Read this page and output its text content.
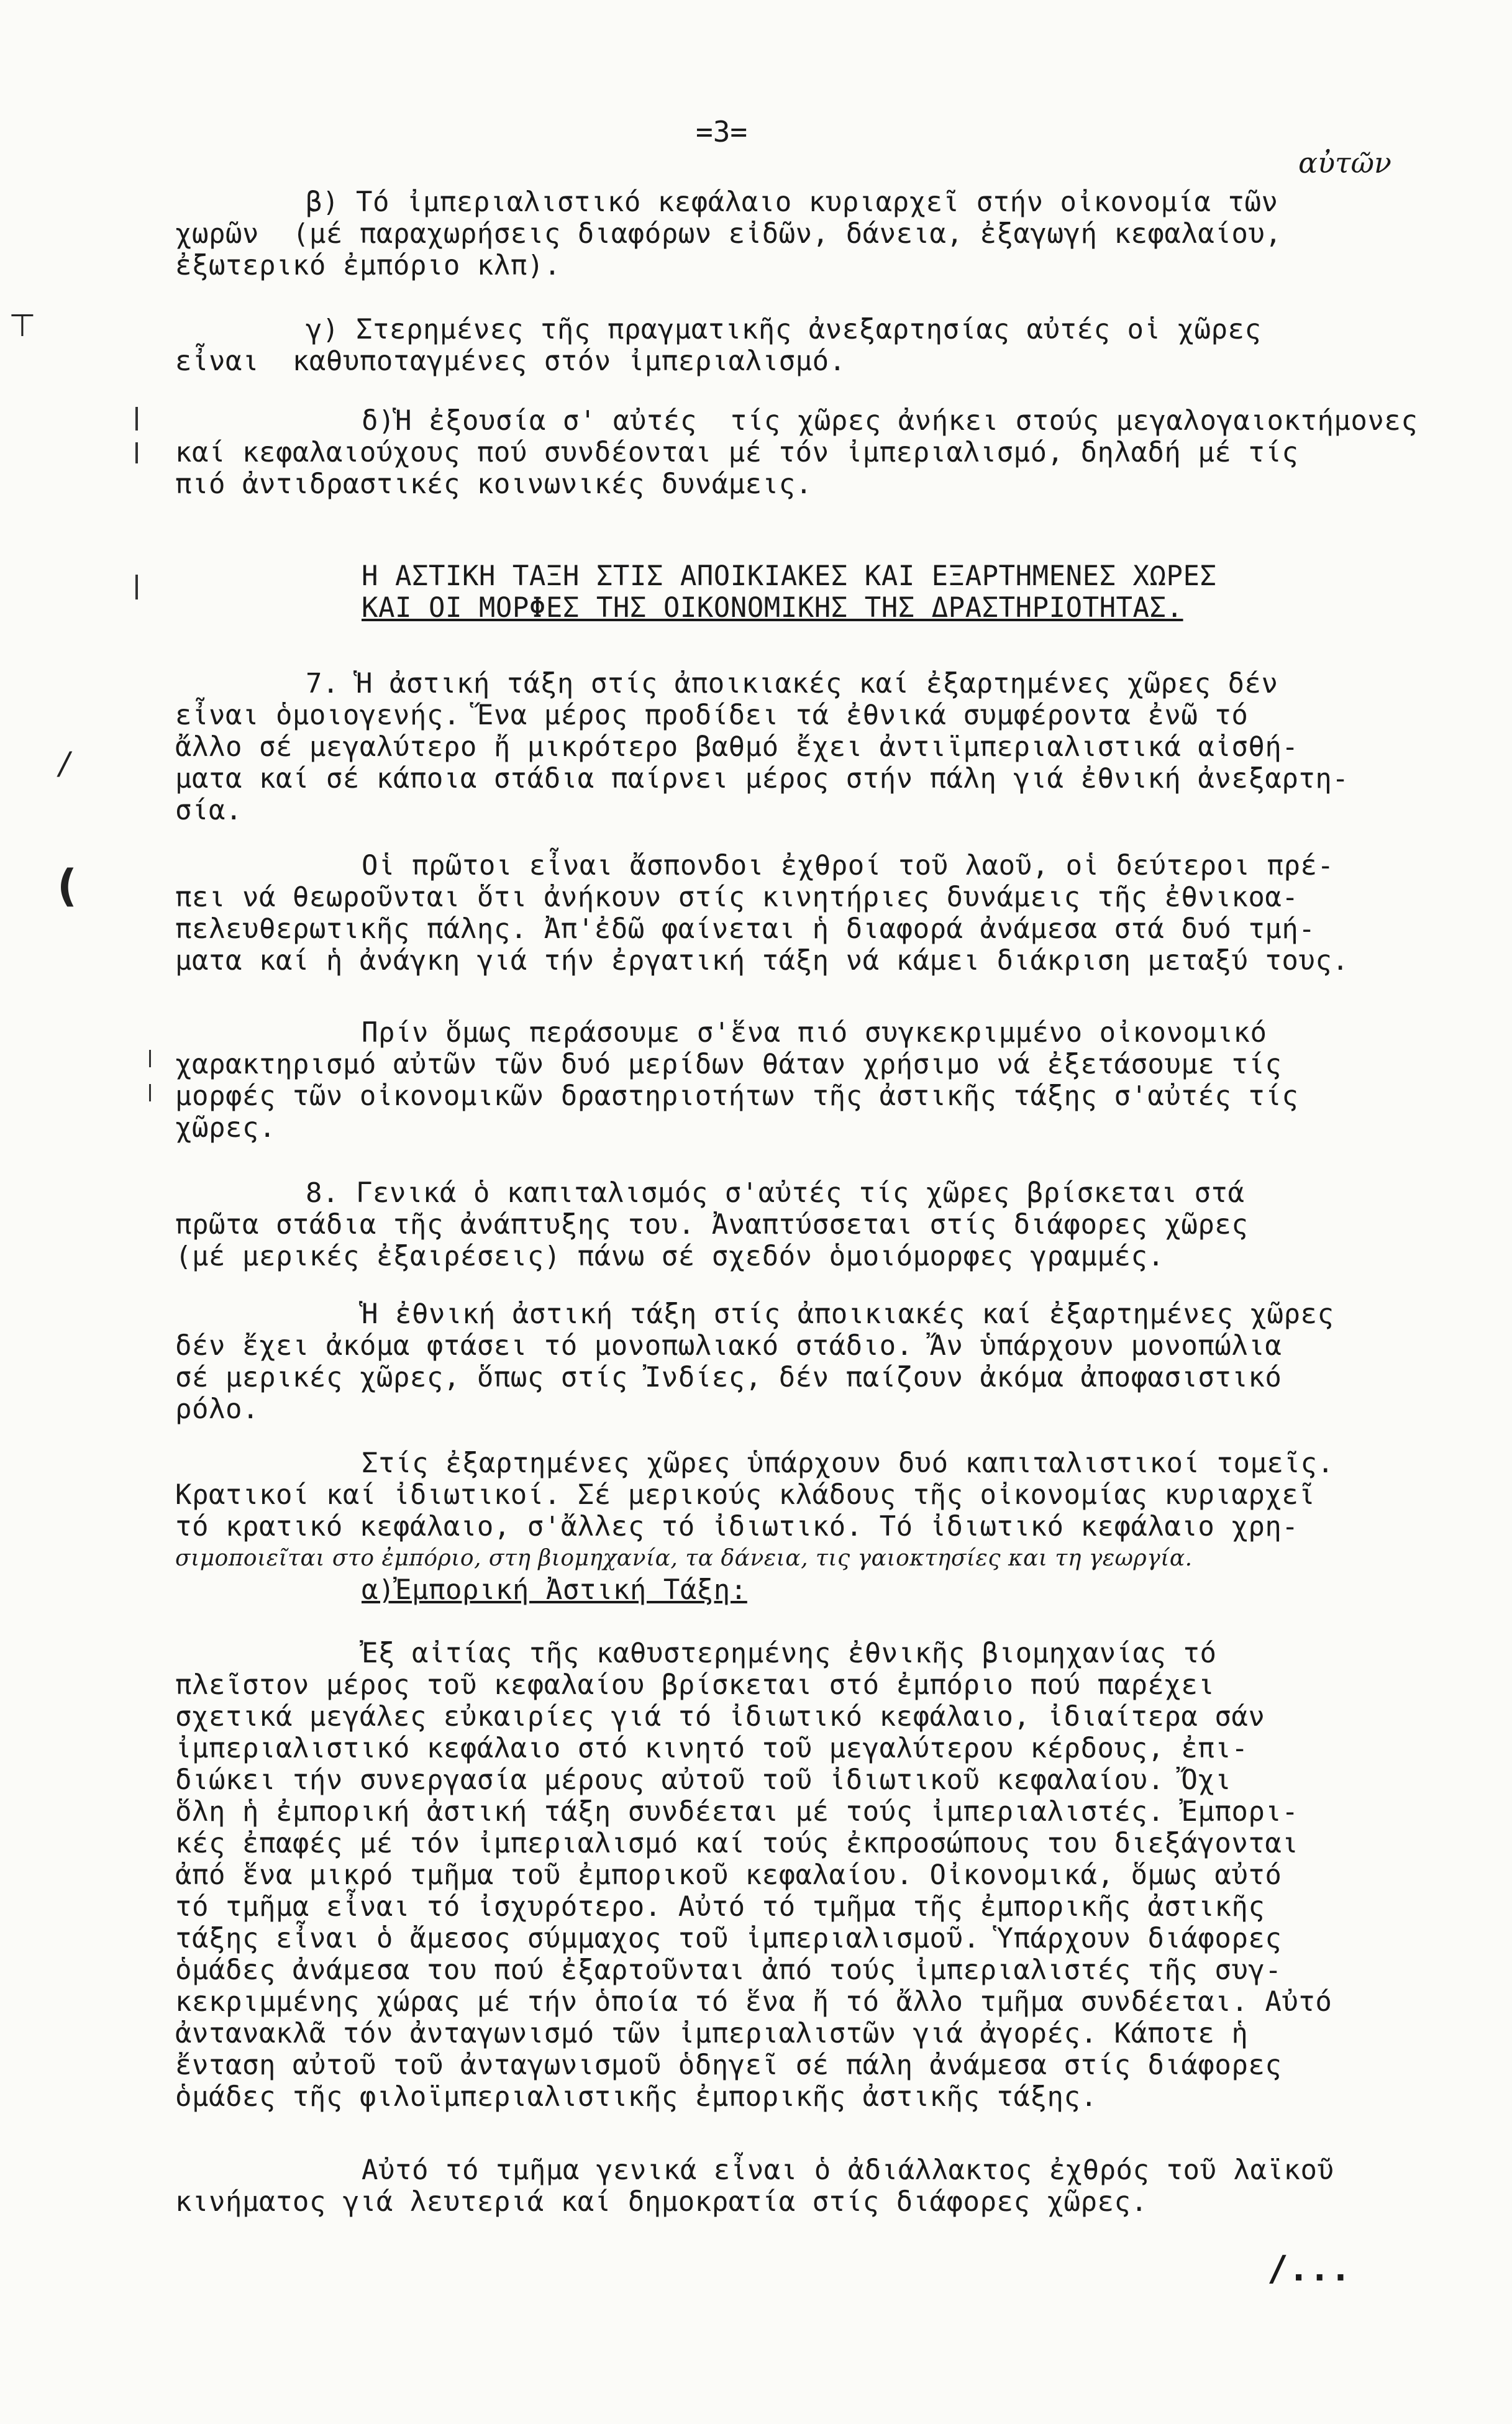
=3=
αὐτῶν
⊤
/
(
β) Τό ἰμπεριαλιστικό κεφάλαιο κυριαρχεῖ στήν οἰκονομία τῶν
χωρῶν  (μέ παραχωρήσεις διαφόρων εἰδῶν, δάνεια, ἐξαγωγή κεφαλαίου,
ἐξωτερικό ἐμπόριο κλπ).
γ) Στερημένες τῆς πραγματικῆς ἀνεξαρτησίας αὐτές οἱ χῶρες
εἶναι  καθυποταγμένες στόν ἰμπεριαλισμό.
δ)Ἡ ἐξουσία σ' αὐτές  τίς χῶρες ἀνήκει στούς μεγαλογαιοκτήμονες
καί κεφαλαιούχους πού συνδέονται μέ τόν ἰμπεριαλισμό, δηλαδή μέ τίς
πιό ἀντιδραστικές κοινωνικές δυνάμεις.
Η ΑΣΤΙΚΗ ΤΑΞΗ ΣΤΙΣ ΑΠΟΙΚΙΑΚΕΣ ΚΑΙ ΕΞΑΡΤΗΜΕΝΕΣ ΧΩΡΕΣ
ΚΑΙ ΟΙ ΜΟΡΦΕΣ ΤΗΣ ΟΙΚΟΝΟΜΙΚΗΣ ΤΗΣ ΔΡΑΣΤΗΡΙΟΤΗΤΑΣ.
7. Ἡ ἀστική τάξη στίς ἀποικιακές καί ἐξαρτημένες χῶρες δέν
εἶναι ὁμοιογενής. Ἕνα μέρος προδίδει τά ἐθνικά συμφέροντα ἐνῶ τό
ἄλλο σέ μεγαλύτερο ἤ μικρότερο βαθμό ἔχει ἀντιϊμπεριαλιστικά αἰσθή-
ματα καί σέ κάποια στάδια παίρνει μέρος στήν πάλη γιά ἐθνική ἀνεξαρτη-
σία.
Οἱ πρῶτοι εἶναι ἄσπονδοι ἐχθροί τοῦ λαοῦ, οἱ δεύτεροι πρέ-
πει νά θεωροῦνται ὅτι ἀνήκουν στίς κινητήριες δυνάμεις τῆς ἐθνικοα-
πελευθερωτικῆς πάλης. Ἀπ'ἐδῶ φαίνεται ἡ διαφορά ἀνάμεσα στά δυό τμή-
ματα καί ἡ ἀνάγκη γιά τήν ἐργατική τάξη νά κάμει διάκριση μεταξύ τους.
Πρίν ὅμως περάσουμε σ'ἕνα πιό συγκεκριμμένο οἰκονομικό
χαρακτηρισμό αὐτῶν τῶν δυό μερίδων θάταν χρήσιμο νά ἐξετάσουμε τίς
μορφές τῶν οἰκονομικῶν δραστηριοτήτων τῆς ἀστικῆς τάξης σ'αὐτές τίς
χῶρες.
8. Γενικά ὁ καπιταλισμός σ'αὐτές τίς χῶρες βρίσκεται στά
πρῶτα στάδια τῆς ἀνάπτυξης του. Ἀναπτύσσεται στίς διάφορες χῶρες
(μέ μερικές ἐξαιρέσεις) πάνω σέ σχεδόν ὁμοιόμορφες γραμμές.
Ἡ ἐθνική ἀστική τάξη στίς ἀποικιακές καί ἐξαρτημένες χῶρες
δέν ἔχει ἀκόμα φτάσει τό μονοπωλιακό στάδιο. Ἄν ὑπάρχουν μονοπώλια
σέ μερικές χῶρες, ὅπως στίς Ἰνδίες, δέν παίζουν ἀκόμα ἀποφασιστικό
ρόλο.
Στίς ἐξαρτημένες χῶρες ὑπάρχουν δυό καπιταλιστικοί τομεῖς.
Κρατικοί καί ἰδιωτικοί. Σέ μερικούς κλάδους τῆς οἰκονομίας κυριαρχεῖ
τό κρατικό κεφάλαιο, σ'ἄλλες τό ἰδιωτικό. Τό ἰδιωτικό κεφάλαιο χρη-
σιμοποιεῖται στο ἐμπόριο, στη βιομηχανία, τα δάνεια, τις γαιοκτησίες και τη γεωργία.
α)Ἐμπορική Ἀστική Τάξη:
Ἐξ αἰτίας τῆς καθυστερημένης ἐθνικῆς βιομηχανίας τό
πλεῖστον μέρος τοῦ κεφαλαίου βρίσκεται στό ἐμπόριο πού παρέχει
σχετικά μεγάλες εὐκαιρίες γιά τό ἰδιωτικό κεφάλαιο, ἰδιαίτερα σάν
ἰμπεριαλιστικό κεφάλαιο στό κινητό τοῦ μεγαλύτερου κέρδους, ἐπι-
διώκει τήν συνεργασία μέρους αὐτοῦ τοῦ ἰδιωτικοῦ κεφαλαίου. Ὄχι
ὅλη ἡ ἐμπορική ἀστική τάξη συνδέεται μέ τούς ἰμπεριαλιστές. Ἐμπορι-
κές ἐπαφές μέ τόν ἰμπεριαλισμό καί τούς ἐκπροσώπους του διεξάγονται
ἀπό ἕνα μικρό τμῆμα τοῦ ἐμπορικοῦ κεφαλαίου. Οἰκονομικά, ὅμως αὐτό
τό τμῆμα εἶναι τό ἰσχυρότερο. Αὐτό τό τμῆμα τῆς ἐμπορικῆς ἀστικῆς
τάξης εἶναι ὁ ἄμεσος σύμμαχος τοῦ ἰμπεριαλισμοῦ. Ὑπάρχουν διάφορες
ὁμάδες ἀνάμεσα του πού ἐξαρτοῦνται ἀπό τούς ἰμπεριαλιστές τῆς συγ-
κεκριμμένης χώρας μέ τήν ὁποία τό ἕνα ἤ τό ἄλλο τμῆμα συνδέεται. Αὐτό
ἀντανακλᾶ τόν ἀνταγωνισμό τῶν ἰμπεριαλιστῶν γιά ἀγορές. Κάποτε ἡ
ἔνταση αὐτοῦ τοῦ ἀνταγωνισμοῦ ὁδηγεῖ σέ πάλη ἀνάμεσα στίς διάφορες
ὁμάδες τῆς φιλοϊμπεριαλιστικῆς ἐμπορικῆς ἀστικῆς τάξης.
Αὐτό τό τμῆμα γενικά εἶναι ὁ ἀδιάλλακτος ἐχθρός τοῦ λαϊκοῦ
κινήματος γιά λευτεριά καί δημοκρατία στίς διάφορες χῶρες.
/...
